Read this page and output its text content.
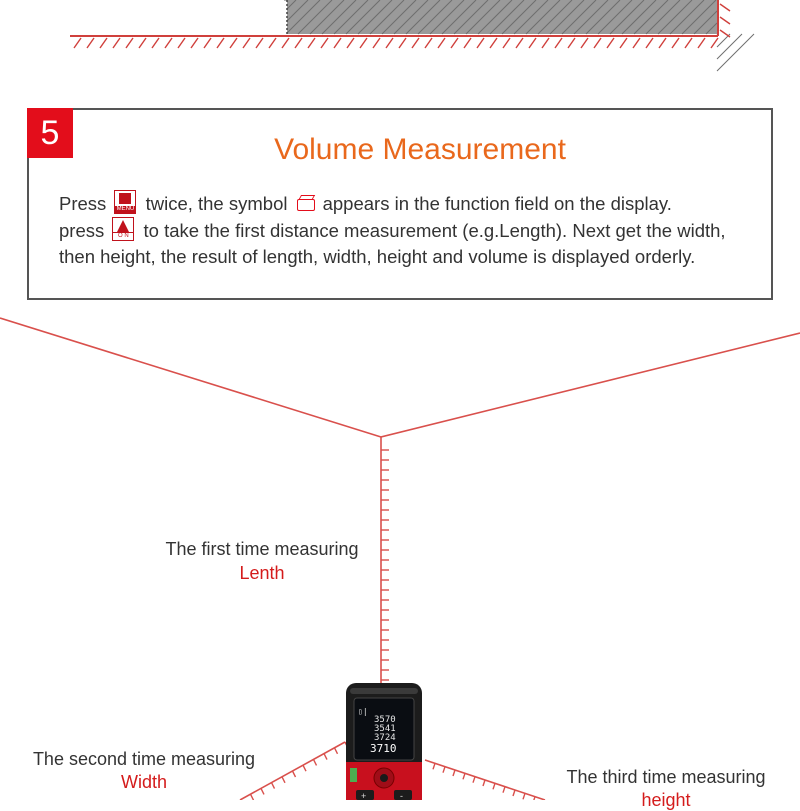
▯|
3570
3541
3724
3710
+	-
5	Volume Measurement
Press MENU twice, the symbol appears in the function field on the display.
press	O N to take the first distance measurement (e.g.Length). Next get the width, then height, the result of length, width, height and volume is displayed orderly.
The first time measuring
Lenth
The second time measuring
Width	The third time measuring
height
